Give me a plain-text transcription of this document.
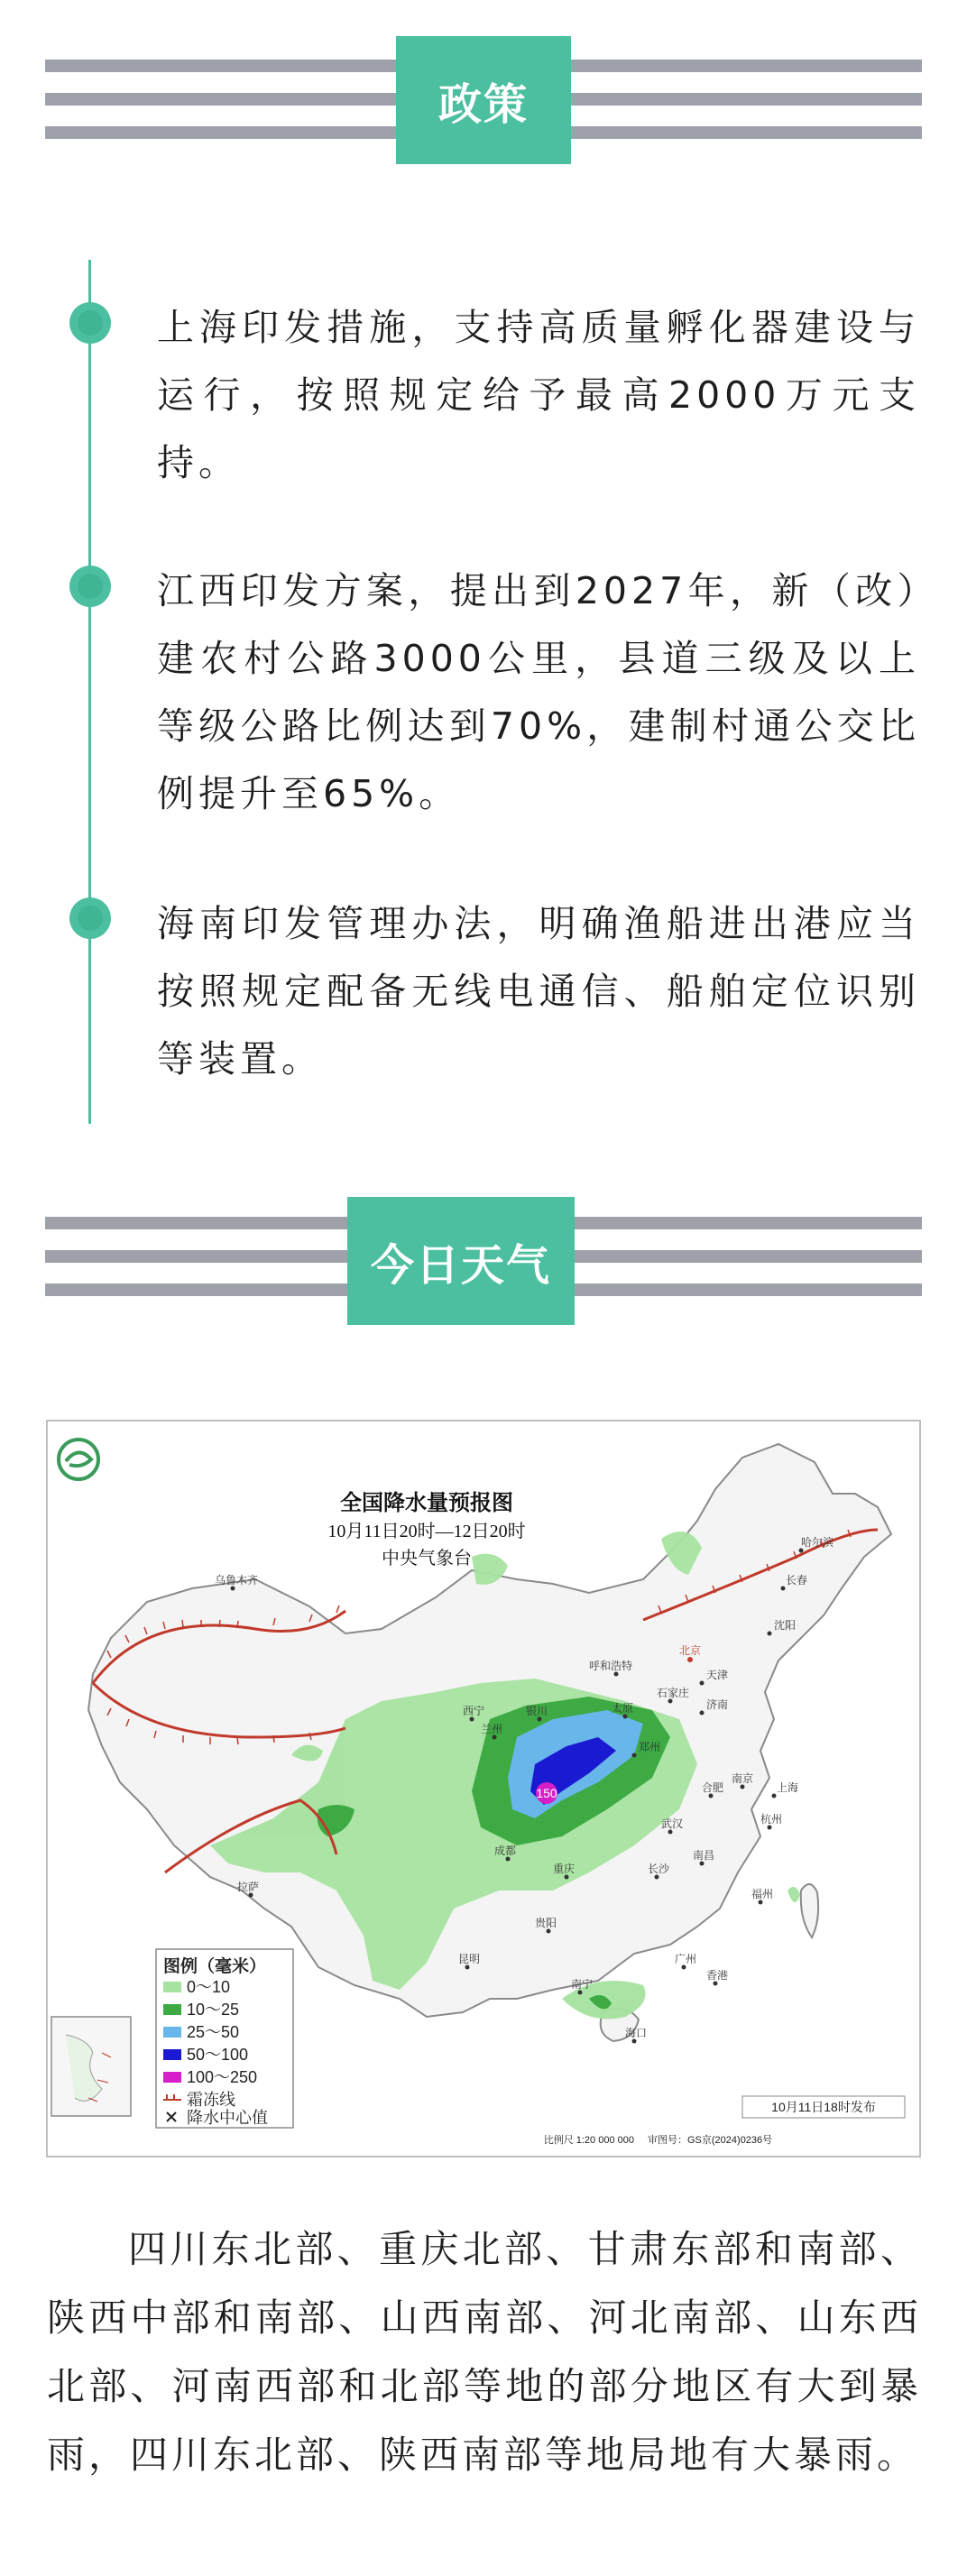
政策
上海印发措施，支持高质量孵化器建设与运行，按照规定给予最高2000万元支持。
江西印发方案，提出到2027年，新（改）建农村公路3000公里，县道三级及以上等级公路比例达到70%，建制村通公交比例提升至65%。
海南印发管理办法，明确渔船进出港应当按照规定配备无线电通信、船舶定位识别等装置。
今日天气
150
乌鲁木齐
哈尔滨
长春
沈阳
呼和浩特
北京
天津
银川	太原
石家庄
济南
西宁
兰州
郑州
拉萨
成都
重庆
武汉
合肥
南京
上海
杭州
长沙
南昌
贵阳
昆明
福州
南宁
广州
香港
海口
全国降水量预报图
10月11日20时—12日20时
中央气象台
图例（毫米）
0～10
10～25
25～50
50～100
100～250
霜冻线
降水中心值
10月11日18时发布
比例尺 1:20 000 000 审图号：GS京(2024)0236号
四川东北部、重庆北部、甘肃东部和南部、陕西中部和南部、山西南部、河北南部、山东西北部、河南西部和北部等地的部分地区有大到暴雨，四川东北部、陕西南部等地局地有大暴雨。
